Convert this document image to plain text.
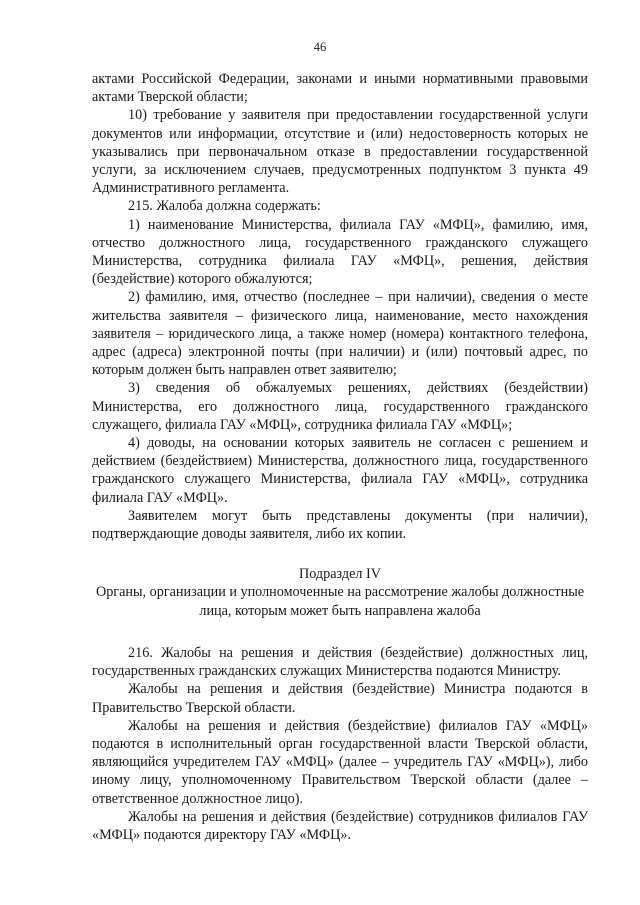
46

актами Российской Федерации, законами и иными нормативными правовыми актами Тверской области;

10) требование у заявителя при предоставлении государственной услуги документов или информации, отсутствие и (или) недостоверность которых не указывались при первоначальном отказе в предоставлении государственной услуги, за исключением случаев, предусмотренных подпунктом 3 пункта 49 Административного регламента.

215. Жалоба должна содержать:

1) наименование Министерства, филиала ГАУ «МФЦ», фамилию, имя, отчество должностного лица, государственного гражданского служащего Министерства, сотрудника филиала ГАУ «МФЦ», решения, действия (бездействие) которого обжалуются;

2) фамилию, имя, отчество (последнее – при наличии), сведения о месте жительства заявителя – физического лица, наименование, место нахождения заявителя – юридического лица, а также номер (номера) контактного телефона, адрес (адреса) электронной почты (при наличии) и (или) почтовый адрес, по которым должен быть направлен ответ заявителю;

3) сведения об обжалуемых решениях, действиях (бездействии) Министерства, его должностного лица, государственного гражданского служащего, филиала ГАУ «МФЦ», сотрудника филиала ГАУ «МФЦ»;

4) доводы, на основании которых заявитель не согласен с решением и действием (бездействием) Министерства, должностного лица, государственного гражданского служащего Министерства, филиала ГАУ «МФЦ», сотрудника филиала ГАУ «МФЦ».

Заявителем могут быть представлены документы (при наличии), подтверждающие доводы заявителя, либо их копии.

Подраздел IV

Органы, организации и уполномоченные на рассмотрение жалобы должностные лица, которым может быть направлена жалоба

216. Жалобы на решения и действия (бездействие) должностных лиц, государственных гражданских служащих Министерства подаются Министру.

Жалобы на решения и действия (бездействие) Министра подаются в Правительство Тверской области.

Жалобы на решения и действия (бездействие) филиалов ГАУ «МФЦ» подаются в исполнительный орган государственной власти Тверской области, являющийся учредителем ГАУ «МФЦ» (далее – учредитель ГАУ «МФЦ»), либо иному лицу, уполномоченному Правительством Тверской области (далее – ответственное должностное лицо).

Жалобы на решения и действия (бездействие) сотрудников филиалов ГАУ «МФЦ» подаются директору ГАУ «МФЦ».
